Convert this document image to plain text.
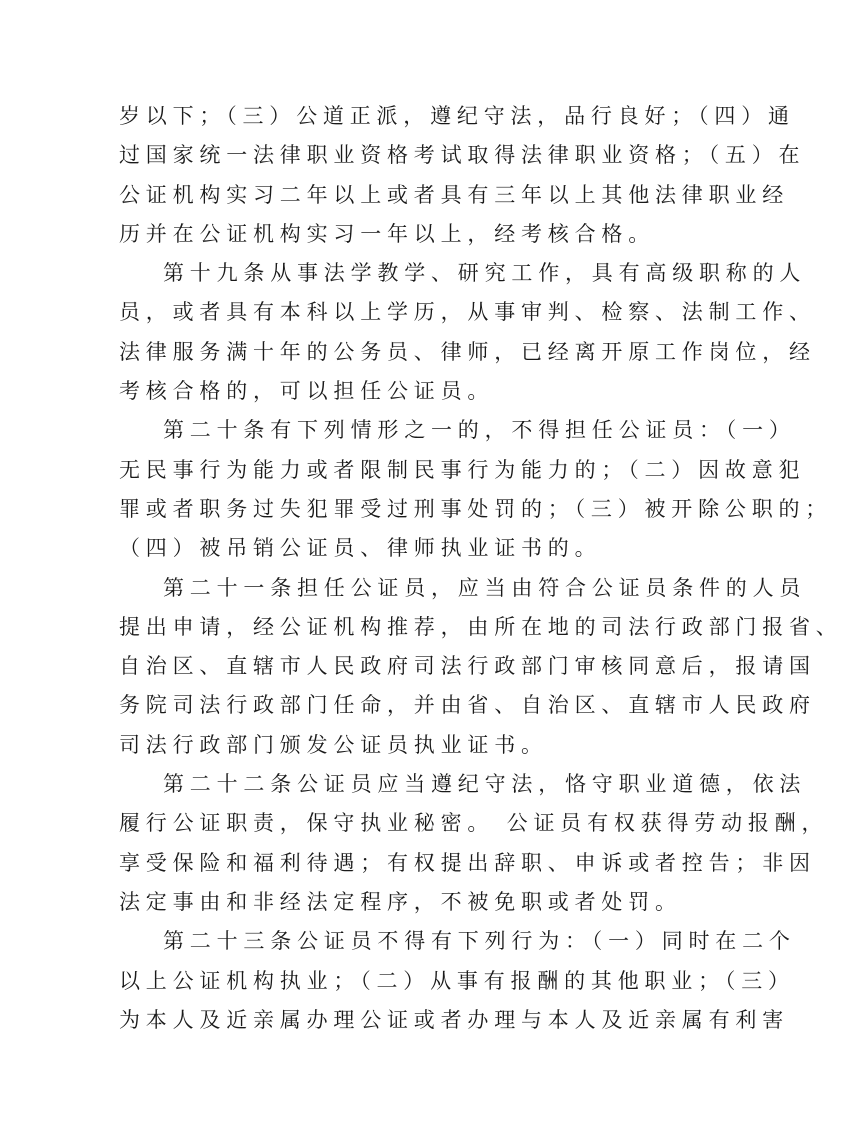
岁以下；（三）公道正派，遵纪守法，品行良好；（四）通
过国家统一法律职业资格考试取得法律职业资格；（五）在
公证机构实习二年以上或者具有三年以上其他法律职业经
历并在公证机构实习一年以上，经考核合格。
第十九条从事法学教学、研究工作，具有高级职称的人
员，或者具有本科以上学历，从事审判、检察、法制工作、
法律服务满十年的公务员、律师，已经离开原工作岗位，经
考核合格的，可以担任公证员。
第二十条有下列情形之一的，不得担任公证员：（一）
无民事行为能力或者限制民事行为能力的；（二）因故意犯
罪或者职务过失犯罪受过刑事处罚的；（三）被开除公职的；
（四）被吊销公证员、律师执业证书的。
第二十一条担任公证员，应当由符合公证员条件的人员
提出申请，经公证机构推荐，由所在地的司法行政部门报省、
自治区、直辖市人民政府司法行政部门审核同意后，报请国
务院司法行政部门任命，并由省、自治区、直辖市人民政府
司法行政部门颁发公证员执业证书。
第二十二条公证员应当遵纪守法，恪守职业道德，依法
履行公证职责，保守执业秘密。 公证员有权获得劳动报酬，
享受保险和福利待遇；有权提出辞职、申诉或者控告；非因
法定事由和非经法定程序，不被免职或者处罚。
第二十三条公证员不得有下列行为：（一）同时在二个
以上公证机构执业；（二）从事有报酬的其他职业；（三）
为本人及近亲属办理公证或者办理与本人及近亲属有利害
